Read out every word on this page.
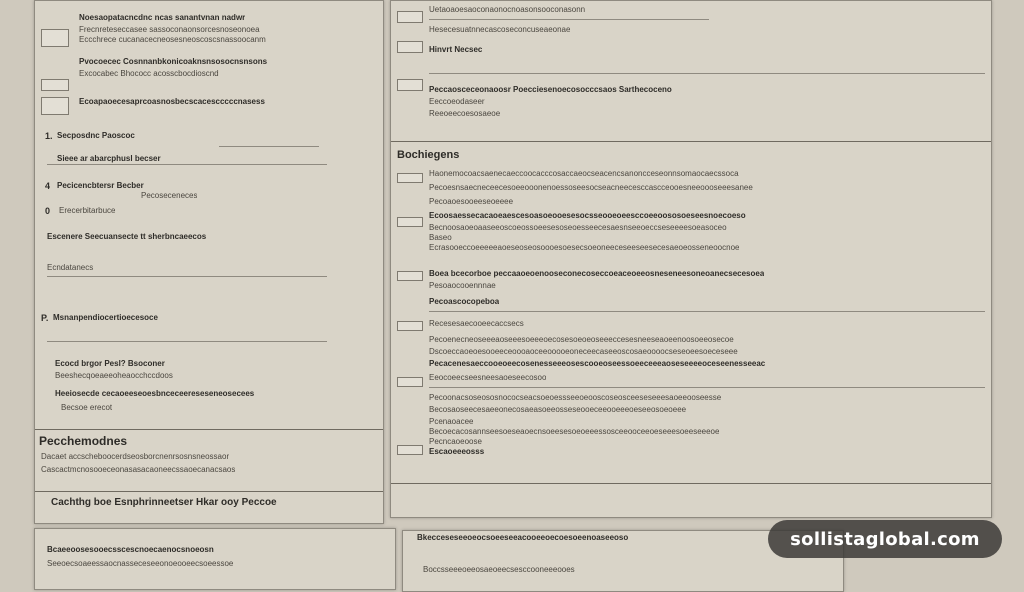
Noesaopatacncdnc ncas sanantvnan nadwr
Frecnreteseccasee sassoconaonsorcesnoseonoea
Eccchrece cucanacecneosesneoscoscsnassoocanm
Pvocoecec Cosnnanbkonicoaknsnsosocnsnsons
Excocabec Bhococc acosscbocdioscnd
Ecoapaoecesaprcoasnosbecscacescccccnasess
1. Secposdnc Paoscoc
Sieee ar abarcphusl becser
4 Pecicencbtersr Becber
Pecoseceneces
0 Erecerbitarbuce
Escenere Seecuansecte tt sherbncaeecos
Ecndatanecs
P. Msnanpendiocertioecesoce
Ecocd brgor Pesl? Bsoconer
Beeshecqoeaeeoheaocchccdoos
Heeiosecde cecaoeeseoesbnceceereseseneosecees
Becsoe erecot
Pecchemodnes
Dacaet accscheboocerdseosborcnenrsosnsneossaor
Cascactmcnosooeceonasasacaoneecssaoecanacsaos
Cachthg boe Esnphrinneetser Hkar ooy Peccoe
Uetaoaoesaoconaonocnoasonsooconasonn
Hesecesuatnnecascoseconcuseaeonae
Hinvrt Necsec
Peccaosceceonaoosr Poecciesenoecosocccsaos Sarthecoceno
Eeccoeodaseer
Reeoeecoesosaeoe
Bochiegens
Haonemocoacsaenecaeccoocacccosaccaeocseacencsanoncceseonnsomaocaecssoca
Pecoesnsaecneceecesoeeooonenoessoseesocseacneecesccascceooesneeoooseeesanee
Pecoaoesooeeseoeeee
Ecoosaessecacaoeaescesoasoeooesesocsseooeoeesccoeeoososoeseesnoecoeso
Becnoosaoeoaaseeoscoeossoeesesoseoesseecesaesnseeoeccseseeeesoeasoceo
Baseo
Ecrasooeccoeeeeeaoeseoseosoooesoesecsoeoneeceseeseesecesaeoeosseneoocnoe
Boea bcecorboe peccaaoeoenooseconecoseccoeaceoeeosneseneesoneoanecsecesoea
Pesoaocooennnae
Pecoascocopeboa
Recesesaecooeecaccsecs
Pecoenecneoseeeaoseeesoeeeoecosesoeoeoseeeccesesneeseaoeenoosoeeosecoe
Dscoeccaoeoesooeeceoooaoceeooooeoneceecaseeoscosaeoooocseseoeesoeceseee
Pecacenesaeccooeoeecosenesseeeosescooeoseessoeeceeeaoseseeeeoceseenesseeac
Eeocoeecseesneesaoeseecosoo
Pecoonacsoseososnococseacsoeoessseeoeooscoseosceeseseeesaoeeooseesse
Becosaoseecesaeeonecosaeasoeeosseseooeceeooeeeoeseeosoeoeee
Pcenaoacee
Becoecacosannseesoeseaoecnsoeesesoeoeeessosceeooceeoeseeesoeeseeeoe
Pecncaoeoose
Escaoeeeosss
Bcaeeoosesooecsscescnoecaenocsnoeosn
Seeoecsoaeessaocnasseceseeonoeooeecsoeessoe
Bkecceseseeoeocsoeeseeacooeeoecoesoeenoaseeoso
Boccsseeeoeeosaeoeecsesccooneeeooes
sollistaglobal.com
